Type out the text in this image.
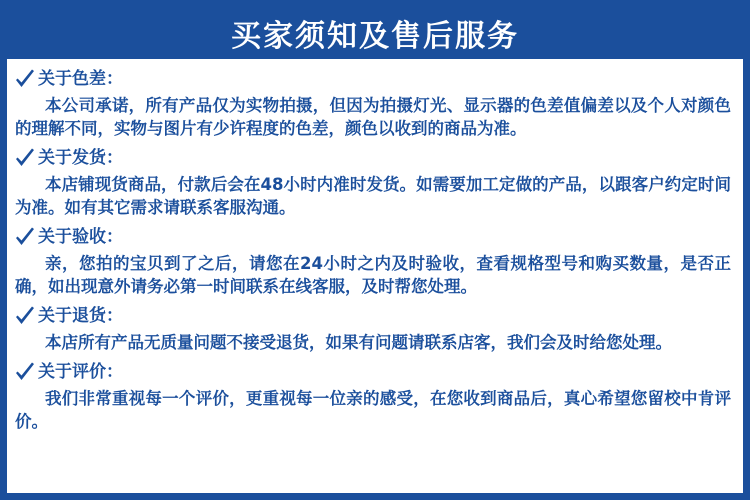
买家须知及售后服务
关于色差：
本公司承诺，所有产品仅为实物拍摄，但因为拍摄灯光、显示器的色差值偏差以及个人对颜色的理解不同，实物与图片有少许程度的色差，颜色以收到的商品为准。
关于发货：
本店铺现货商品，付款后会在48小时内准时发货。如需要加工定做的产品，以跟客户约定时间为准。如有其它需求请联系客服沟通。
关于验收：
亲，您拍的宝贝到了之后，请您在24小时之内及时验收，查看规格型号和购买数量，是否正确，如出现意外请务必第一时间联系在线客服，及时帮您处理。
关于退货：
本店所有产品无质量问题不接受退货，如果有问题请联系店客，我们会及时给您处理。
关于评价：
我们非常重视每一个评价，更重视每一位亲的感受，在您收到商品后，真心希望您留校中肯评价。
